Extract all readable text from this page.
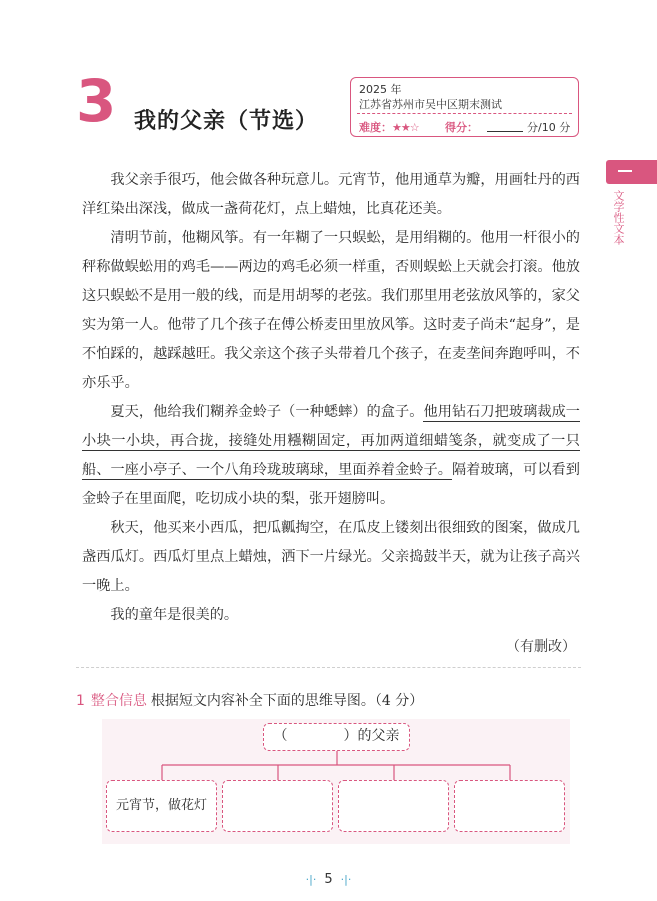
3 我的父亲（节选）
2025 年
江苏省苏州市吴中区期末测试
难度：★★☆ 得分：	分/10 分
文学性文本

我父亲手很巧，他会做各种玩意儿。元宵节，他用通草为瓣，用画牡丹的西洋红染出深浅，做成一盏荷花灯，点上蜡烛，比真花还美。

清明节前，他糊风筝。有一年糊了一只蜈蚣，是用绢糊的。他用一杆很小的秤称做蜈蚣用的鸡毛——两边的鸡毛必须一样重，否则蜈蚣上天就会打滚。他放这只蜈蚣不是用一般的线，而是用胡琴的老弦。我们那里用老弦放风筝的，家父实为第一人。他带了几个孩子在傅公桥麦田里放风筝。这时麦子尚未“起身”，是不怕踩的，越踩越旺。我父亲这个孩子头带着几个孩子，在麦垄间奔跑呼叫，不亦乐乎。

夏天，他给我们糊养金蛉子（一种蟋蟀）的盒子。他用钻石刀把玻璃裁成一小块一小块，再合拢，接缝处用糨糊固定，再加两道细蜡笺条，就变成了一只船、一座小亭子、一个八角玲珑玻璃球，里面养着金蛉子。隔着玻璃，可以看到金蛉子在里面爬，吃切成小块的梨，张开翅膀叫。

秋天，他买来小西瓜，把瓜瓤掏空，在瓜皮上镂刻出很细致的图案，做成几盏西瓜灯。西瓜灯里点上蜡烛，洒下一片绿光。父亲捣鼓半天，就为让孩子高兴一晚上。

我的童年是很美的。

（有删改）
1 整合信息 根据短文内容补全下面的思维导图。（4 分）
（　　　　）的父亲
元宵节，做花灯
·|· 5 ·|·
